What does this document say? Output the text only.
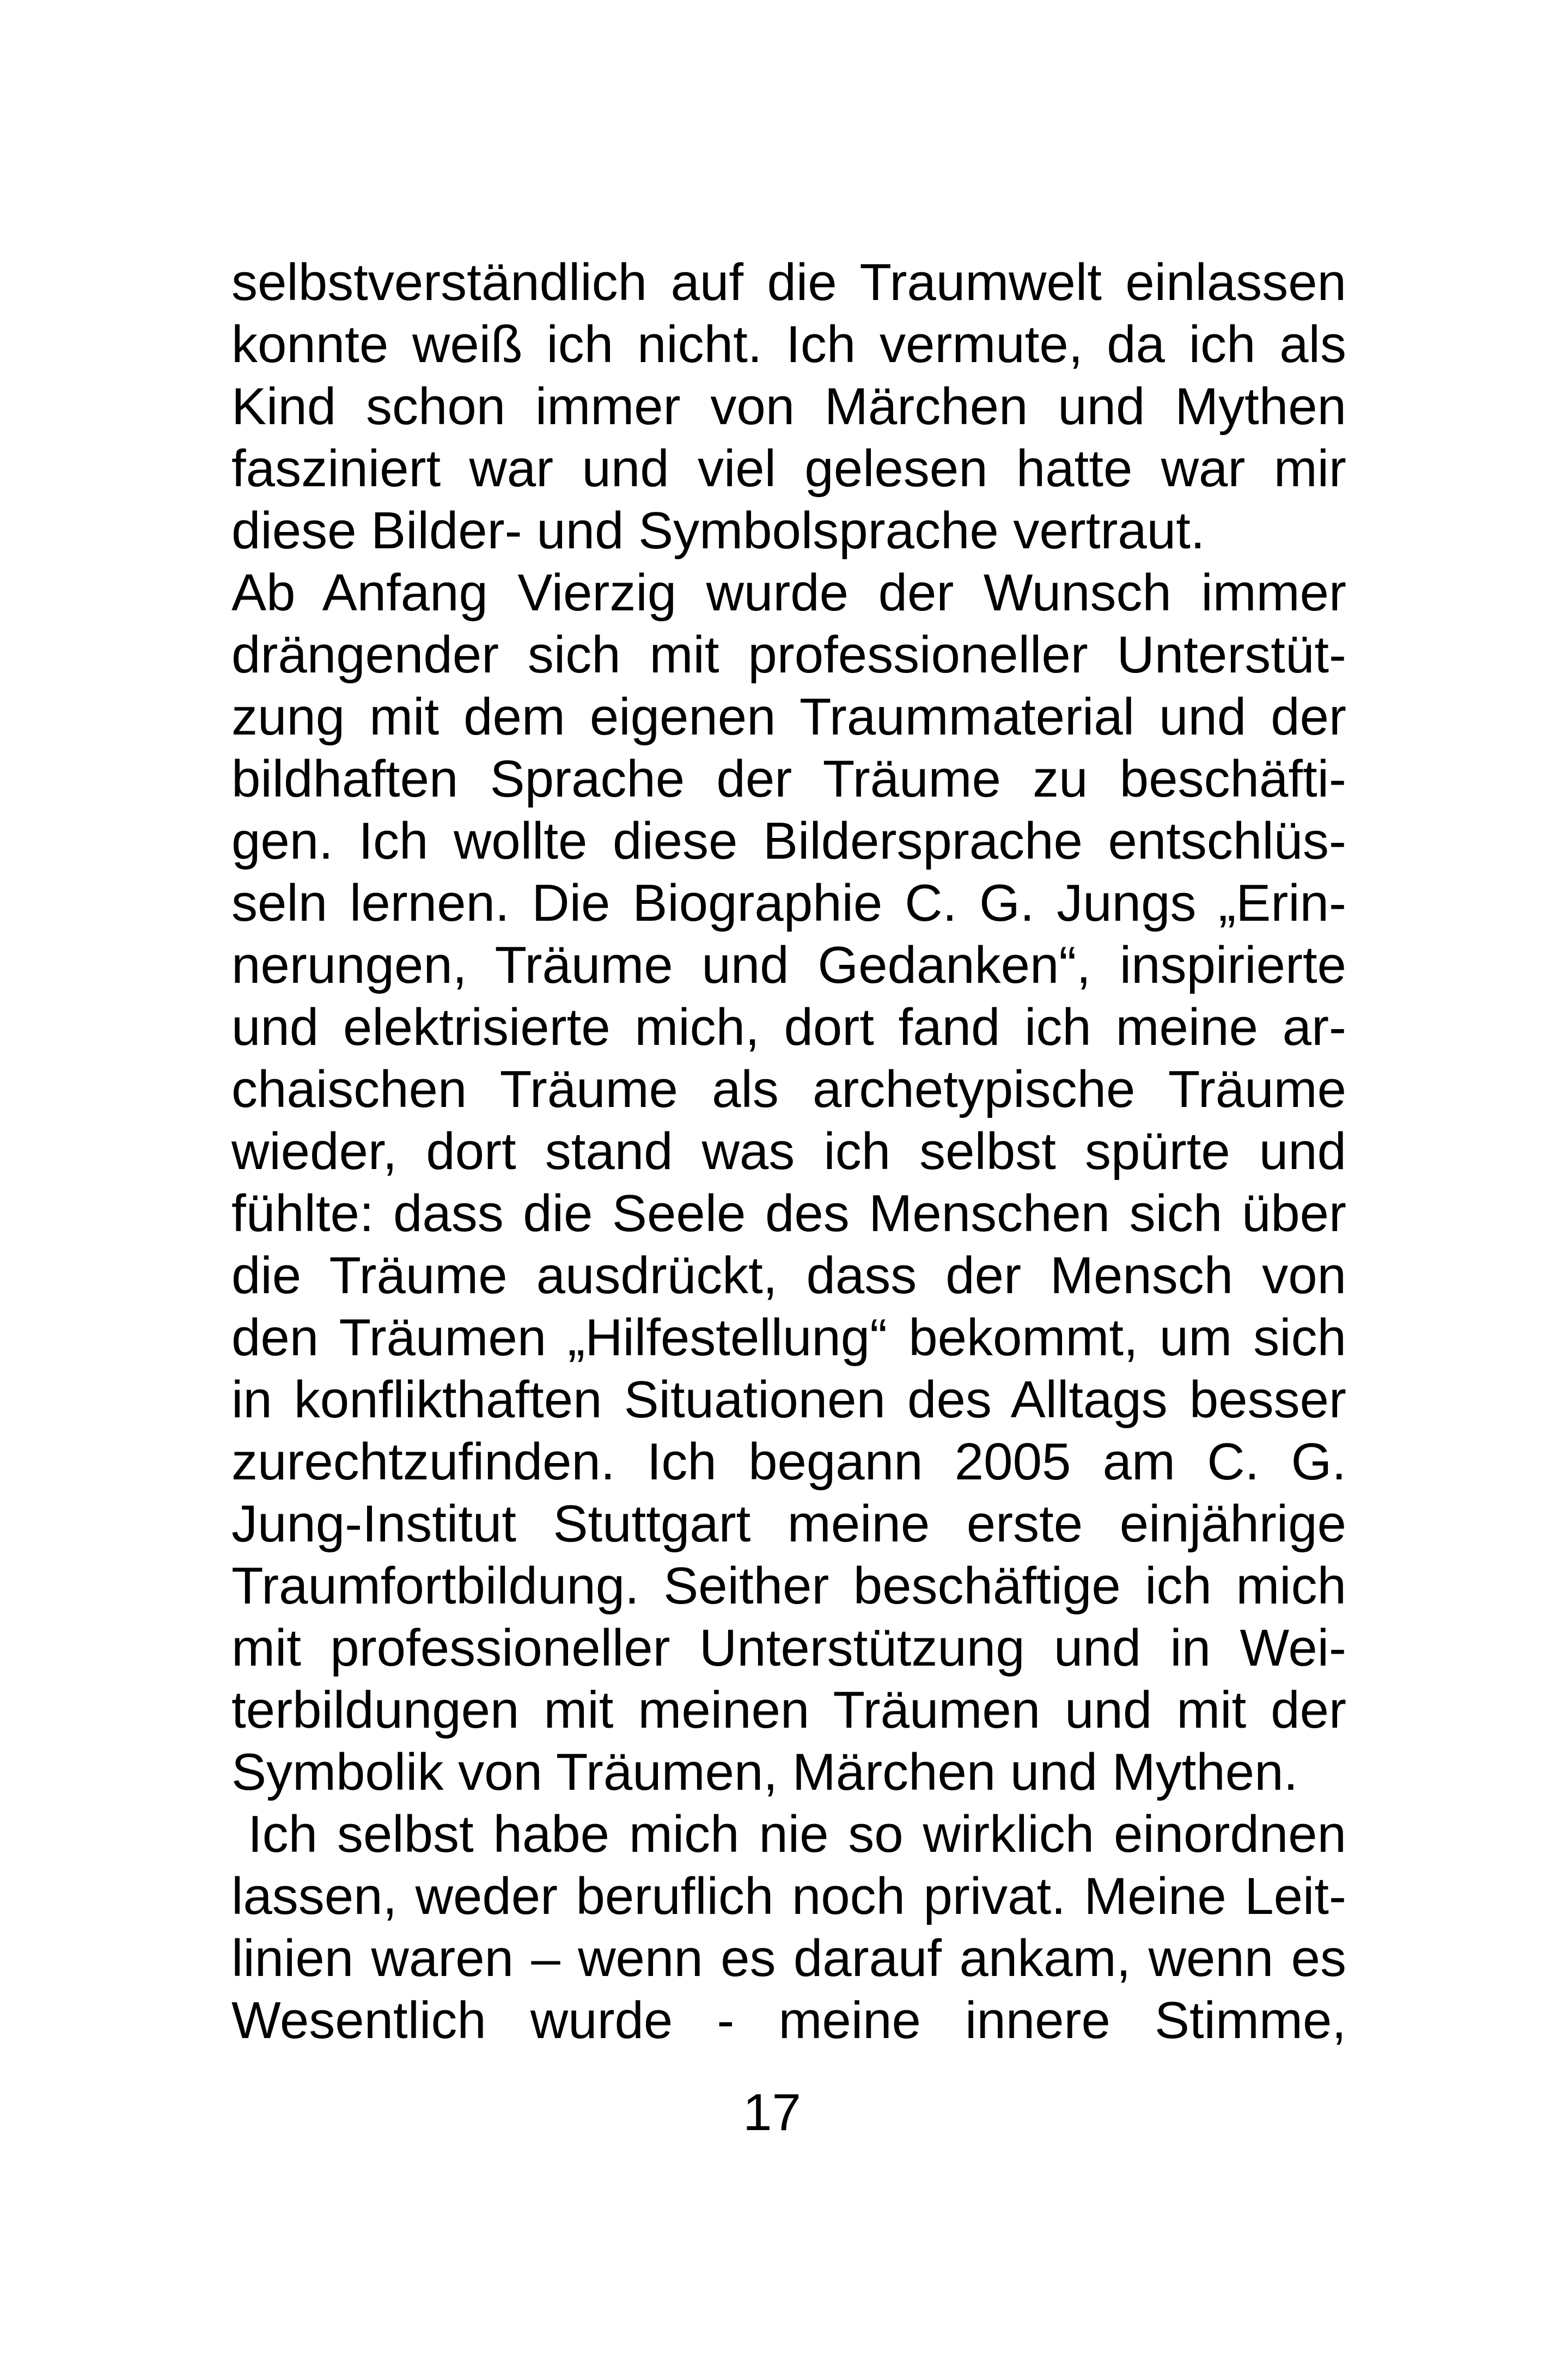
selbstverständlich auf die Traumwelt einlassen
konnte weiß ich nicht. Ich vermute, da ich als
Kind schon immer von Märchen und Mythen
fasziniert war und viel gelesen hatte war mir
diese Bilder- und Symbolsprache vertraut.
Ab Anfang Vierzig wurde der Wunsch immer
drängender sich mit professioneller Unterstüt-
zung mit dem eigenen Traummaterial und der
bildhaften Sprache der Träume zu beschäfti-
gen. Ich wollte diese Bildersprache entschlüs-
seln lernen. Die Biographie C. G. Jungs „Erin-
nerungen, Träume und Gedanken“, inspirierte
und elektrisierte mich, dort fand ich meine ar-
chaischen Träume als archetypische Träume
wieder, dort stand was ich selbst spürte und
fühlte: dass die Seele des Menschen sich über
die Träume ausdrückt, dass der Mensch von
den Träumen „Hilfestellung“ bekommt, um sich
in konflikthaften Situationen des Alltags besser
zurechtzufinden. Ich begann 2005 am C. G.
Jung-Institut Stuttgart meine erste einjährige
Traumfortbildung. Seither beschäftige ich mich
mit professioneller Unterstützung und in Wei-
terbildungen mit meinen Träumen und mit der
Symbolik von Träumen, Märchen und Mythen.
Ich selbst habe mich nie so wirklich einordnen
lassen, weder beruflich noch privat. Meine Leit-
linien waren – wenn es darauf ankam, wenn es
Wesentlich wurde - meine innere Stimme,
17
